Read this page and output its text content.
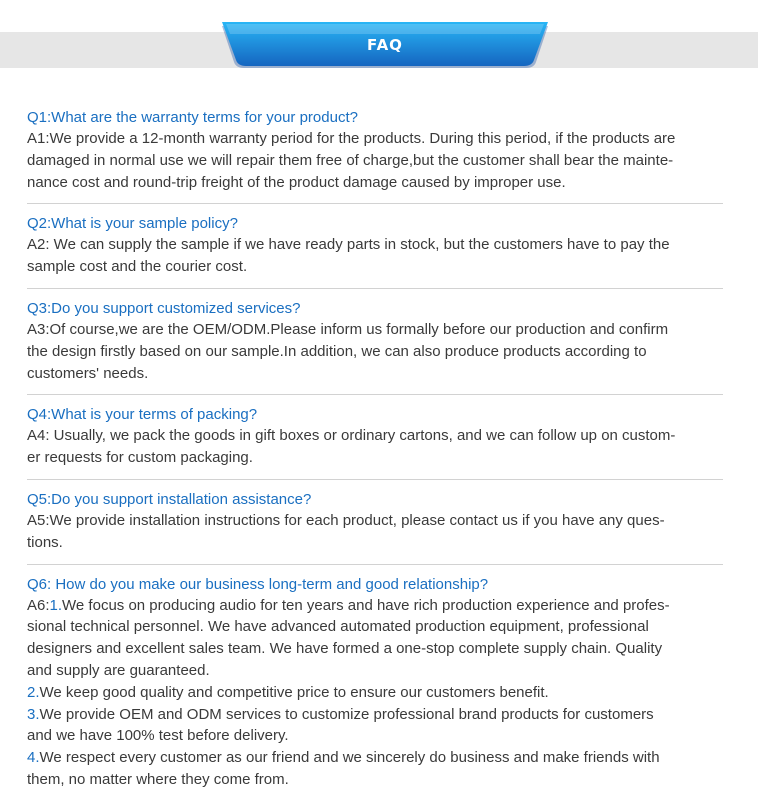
FAQ
Q1:What are the warranty terms for your product?
A1:We provide a 12-month warranty period for the products. During this period, if the products are
damaged in normal use we will repair them free of charge,but the customer shall bear the mainte-
nance cost and round-trip freight of the product damage caused by improper use.
Q2:What is your sample policy?
A2: We can supply the sample if we have ready parts in stock, but the customers have to pay the
sample cost and the courier cost.
Q3:Do you support customized services?
A3:Of course,we are the OEM/ODM.Please inform us formally before our production and confirm
the design firstly based on our sample.In addition, we can also produce products according to
customers' needs.
Q4:What is your terms of packing?
A4: Usually, we pack the goods in gift boxes or ordinary cartons, and we can follow up on custom-
er requests for custom packaging.
Q5:Do you support installation assistance?
A5:We provide installation instructions for each product, please contact us if you have any ques-
tions.
Q6: How do you make our business long-term and good relationship?
A6:1.We focus on producing audio for ten years and have rich production experience and profes-
sional technical personnel. We have advanced automated production equipment, professional
designers and excellent sales team. We have formed a one-stop complete supply chain. Quality
and supply are guaranteed.
2.We keep good quality and competitive price to ensure our customers benefit.
3.We provide OEM and ODM services to customize professional brand products for customers
and we have 100% test before delivery.
4.We respect every customer as our friend and we sincerely do business and make friends with
them, no matter where they come from.
